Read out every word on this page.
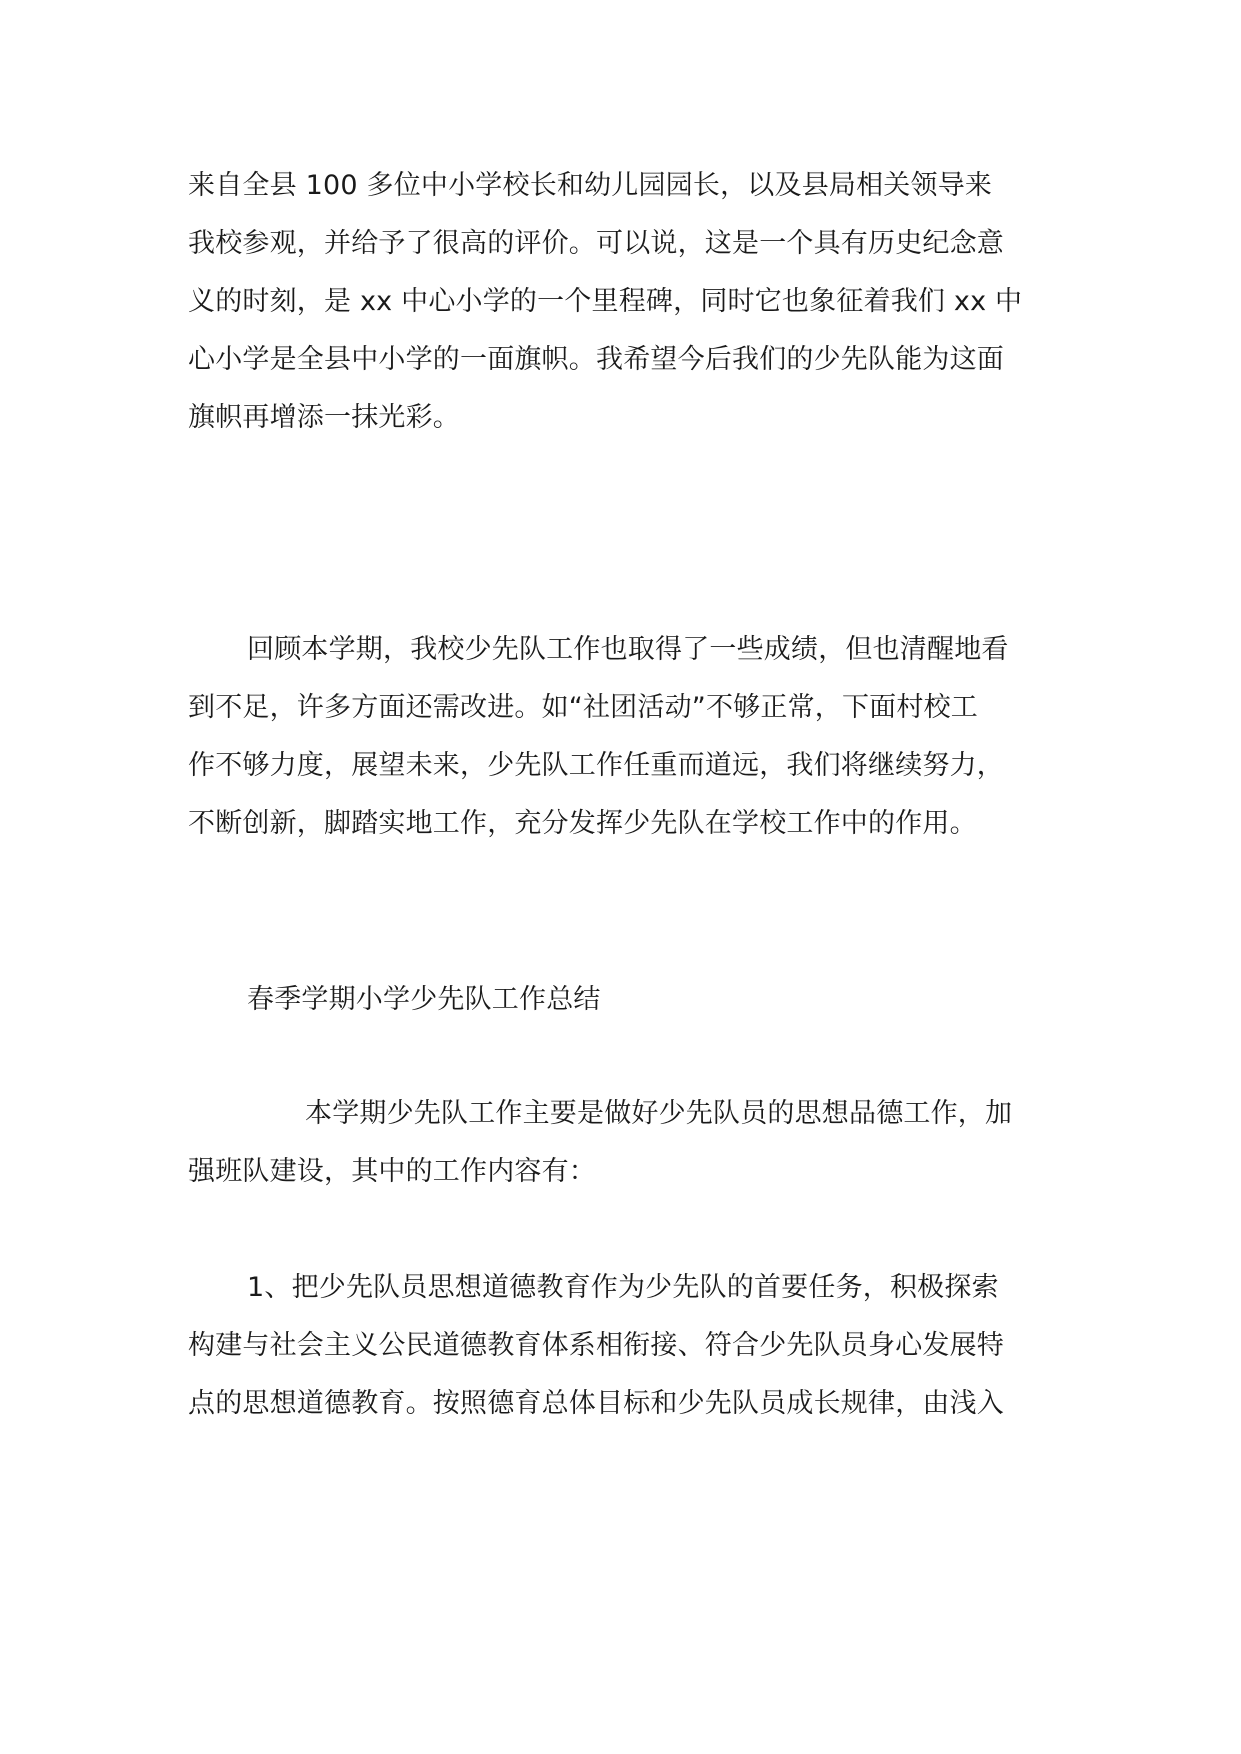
来自全县 100 多位中小学校长和幼儿园园长，以及县局相关领导来

我校参观，并给予了很高的评价。可以说，这是一个具有历史纪念意

义的时刻，是 xx 中心小学的一个里程碑，同时它也象征着我们 xx 中

心小学是全县中小学的一面旗帜。我希望今后我们的少先队能为这面

旗帜再增添一抹光彩。

回顾本学期，我校少先队工作也取得了一些成绩，但也清醒地看

到不足，许多方面还需改进。如“社团活动”不够正常，下面村校工

作不够力度，展望未来，少先队工作任重而道远，我们将继续努力，

不断创新，脚踏实地工作，充分发挥少先队在学校工作中的作用。

春季学期小学少先队工作总结

本学期少先队工作主要是做好少先队员的思想品德工作，加

强班队建设，其中的工作内容有：

1、把少先队员思想道德教育作为少先队的首要任务，积极探索

构建与社会主义公民道德教育体系相衔接、符合少先队员身心发展特

点的思想道德教育。按照德育总体目标和少先队员成长规律，由浅入
